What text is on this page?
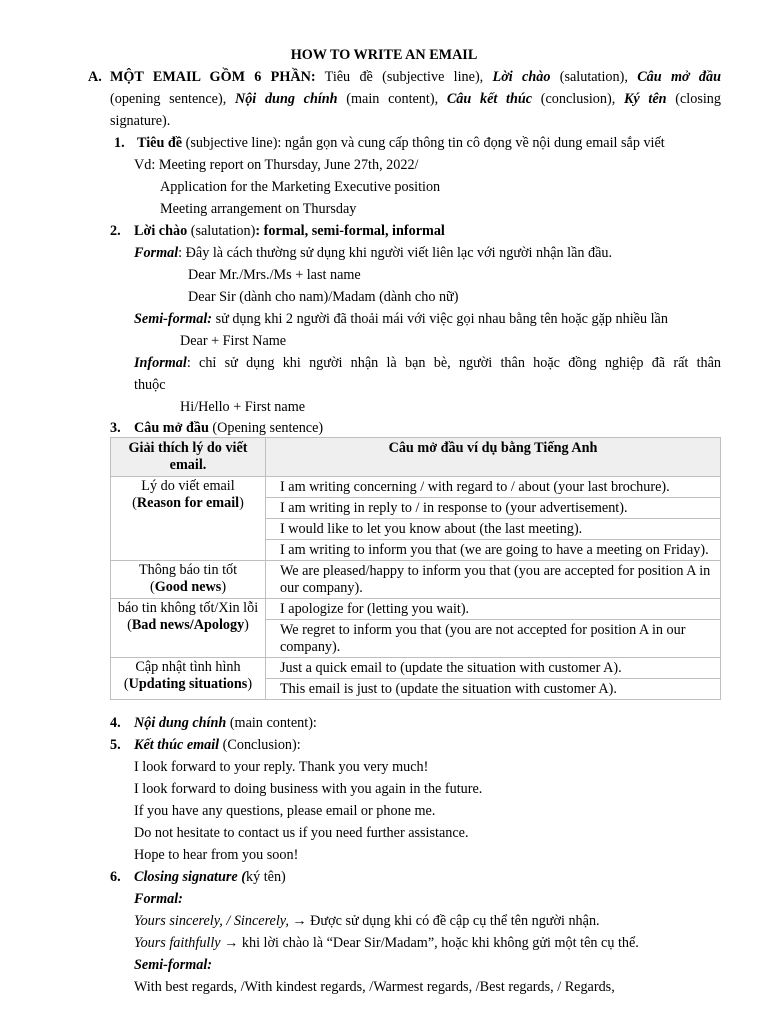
HOW TO WRITE AN EMAIL
A. MỘT EMAIL GỒM 6 PHẦN: Tiêu đề (subjective line), Lời chào (salutation), Câu mở đầu
(opening sentence), Nội dung chính (main content), Câu kết thúc (conclusion), Ký tên (closing
signature).
1. Tiêu đề (subjective line): ngắn gọn và cung cấp thông tin cô đọng về nội dung email sắp viết
Vd: Meeting report on Thursday, June 27th, 2022/
Application for the Marketing Executive position
Meeting arrangement on Thursday
2. Lời chào (salutation): formal, semi-formal, informal
Formal: Đây là cách thường sử dụng khi người viết liên lạc với người nhận lần đầu.
Dear Mr./Mrs./Ms + last name
Dear Sir (dành cho nam)/Madam (dành cho nữ)
Semi-formal: sử dụng khi 2 người đã thoải mái với việc gọi nhau bằng tên hoặc gặp nhiều lần
Dear + First Name
Informal: chỉ sử dụng khi người nhận là bạn bè, người thân hoặc đồng nghiệp đã rất thân
thuộc
Hi/Hello + First name
3. Câu mở đầu (Opening sentence)
Giải thích lý do viết email.	Câu mở đầu ví dụ bằng Tiếng Anh
Lý do viết email
(Reason for email)	I am writing concerning / with regard to / about (your last brochure).
	I am writing in reply to / in response to (your advertisement).
	I would like to let you know about (the last meeting).
	I am writing to inform you that (we are going to have a meeting on Friday).
Thông báo tin tốt
(Good news)	We are pleased/happy to inform you that (you are accepted for position A in our company).
báo tin không tốt/Xin lỗi
(Bad news/Apology)	I apologize for (letting you wait).
	We regret to inform you that (you are not accepted for position A in our company).
Cập nhật tình hình
(Updating situations)	Just a quick email to (update the situation with customer A).
	This email is just to (update the situation with customer A).
4. Nội dung chính (main content):
5. Kết thúc email (Conclusion):
I look forward to your reply. Thank you very much!
I look forward to doing business with you again in the future.
If you have any questions, please email or phone me.
Do not hesitate to contact us if you need further assistance.
Hope to hear from you soon!
6. Closing signature (ký tên)
Formal:
Yours sincerely, / Sincerely, → Được sử dụng khi có đề cập cụ thể tên người nhận.
Yours faithfully → khi lời chào là “Dear Sir/Madam”, hoặc khi không gửi một tên cụ thể.
Semi-formal:
With best regards, /With kindest regards, /Warmest regards, /Best regards, / Regards,
